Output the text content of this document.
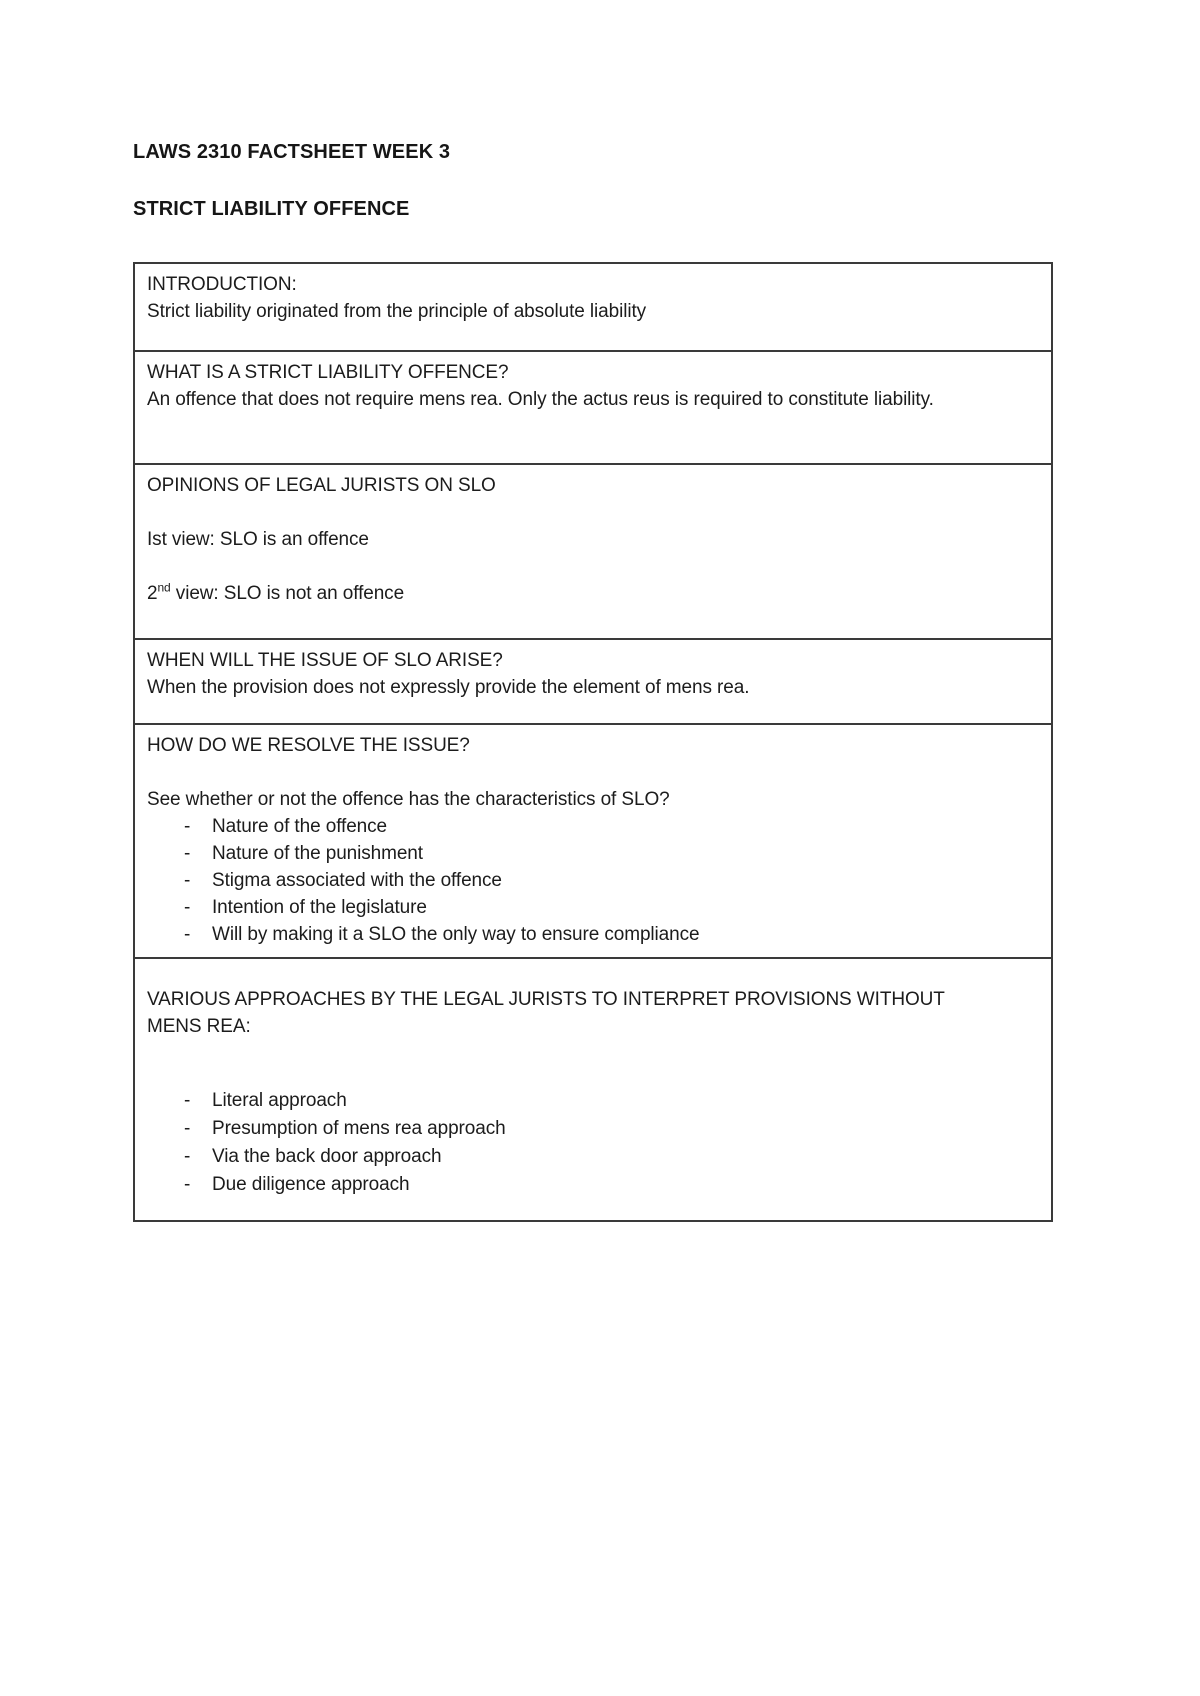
LAWS 2310 FACTSHEET WEEK 3
STRICT LIABILITY OFFENCE
INTRODUCTION:
Strict liability originated from the principle of absolute liability
WHAT IS A STRICT LIABILITY OFFENCE?
An offence that does not require mens rea. Only the actus reus is required to constitute liability.
OPINIONS OF LEGAL JURISTS ON SLO
Ist view: SLO is an offence
2nd view: SLO is not an offence
WHEN WILL THE ISSUE OF SLO ARISE?
When the provision does not expressly provide the element of mens rea.
HOW DO WE RESOLVE THE ISSUE?
See whether or not the offence has the characteristics of SLO?
-	Nature of the offence
-	Nature of the punishment
-	Stigma associated with the offence
-	Intention of the legislature
-	Will by making it a SLO the only way to ensure compliance
VARIOUS APPROACHES BY THE LEGAL JURISTS TO INTERPRET PROVISIONS WITHOUT
MENS REA:
-	Literal approach
-	Presumption of mens rea approach
-	Via the back door approach
-	Due diligence approach
